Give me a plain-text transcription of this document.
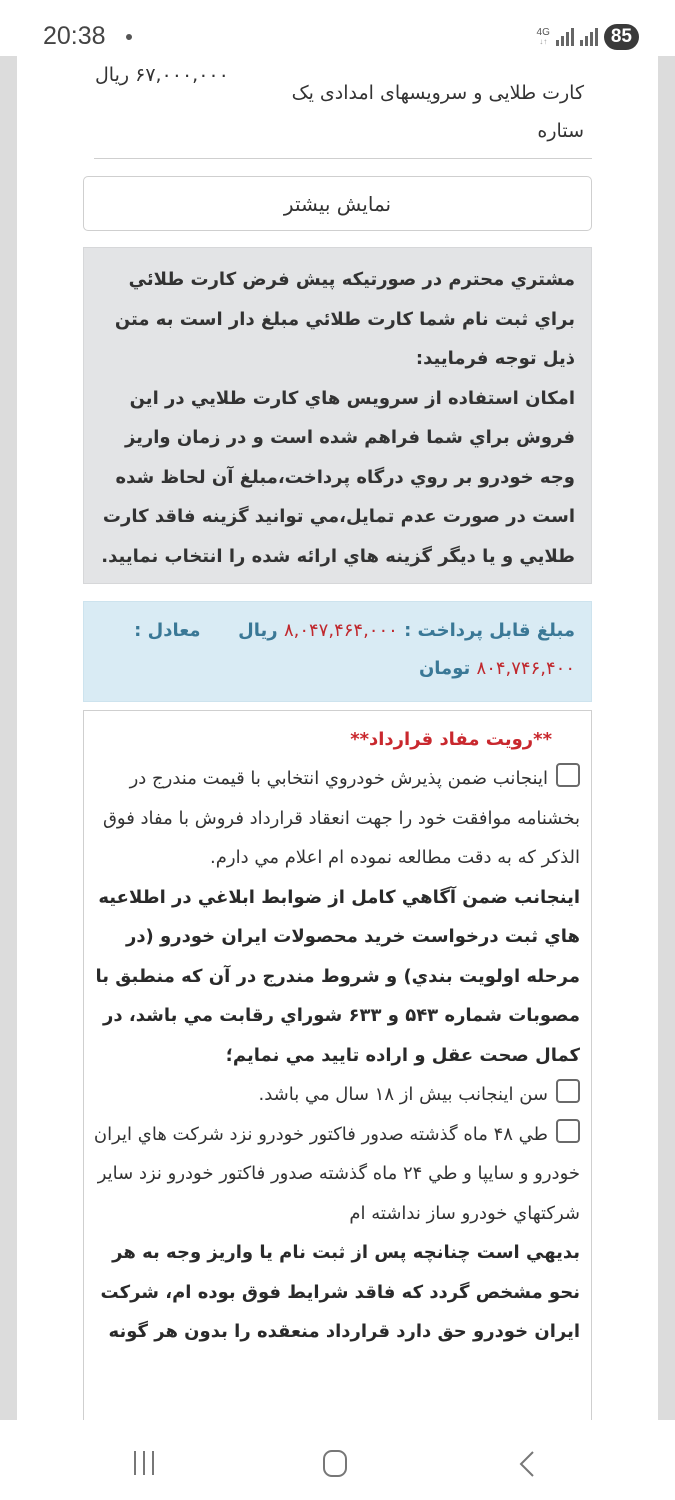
20:38	4G
↓↑	85
کارت طلایی و سرویسهای امدادی یک ستاره
۶۷,۰۰۰,۰۰۰ ریال
نمایش بیشتر
مشتري محترم در صورتيكه پيش فرض كارت طلائي براي ثبت نام شما كارت طلائي مبلغ دار است به متن ذيل توجه فرماييد:
امكان استفاده از سرويس هاي كارت طلايي در اين فروش براي شما فراهم شده است و در زمان واريز وجه خودرو بر روي درگاه پرداخت،مبلغ آن لحاظ شده است در صورت عدم تمايل،مي توانيد گزينه فاقد كارت طلايي و يا ديگر گزينه هاي ارائه شده را انتخاب نماييد.
مبلغ قابل پرداخت : ۸,۰۴۷,۴۶۴,۰۰۰ ریال      معادل : ۸۰۴,۷۴۶,۴۰۰ تومان
**رویت مفاد قرارداد**
اينجانب ضمن پذيرش خودروي انتخابي با قيمت مندرج در بخشنامه موافقت خود را جهت انعقاد قرارداد فروش با مفاد فوق الذكر كه به دقت مطالعه نموده ام اعلام مي دارم.
اينجانب ضمن آگاهي كامل از ضوابط ابلاغي در اطلاعيه هاي ثبت درخواست خريد محصولات ايران خودرو (در مرحله اولويت بندي) و شروط مندرج در آن كه منطبق با مصوبات شماره ۵۴۳ و ۶۳۳ شوراي رقابت مي باشد، در كمال صحت عقل و اراده تاييد مي نمايم؛
سن اينجانب بيش از ۱۸ سال مي باشد.
طي ۴۸ ماه گذشته صدور فاكتور خودرو نزد شركت هاي ايران خودرو و سايپا و طي ۲۴ ماه گذشته صدور فاكتور خودرو نزد ساير شركتهاي خودرو ساز نداشته ام
بديهي است چنانچه پس از ثبت نام يا واريز وجه به هر نحو مشخص گردد كه فاقد شرايط فوق بوده ام، شركت ايران خودرو حق دارد قرارداد منعقده را بدون هر گونه
